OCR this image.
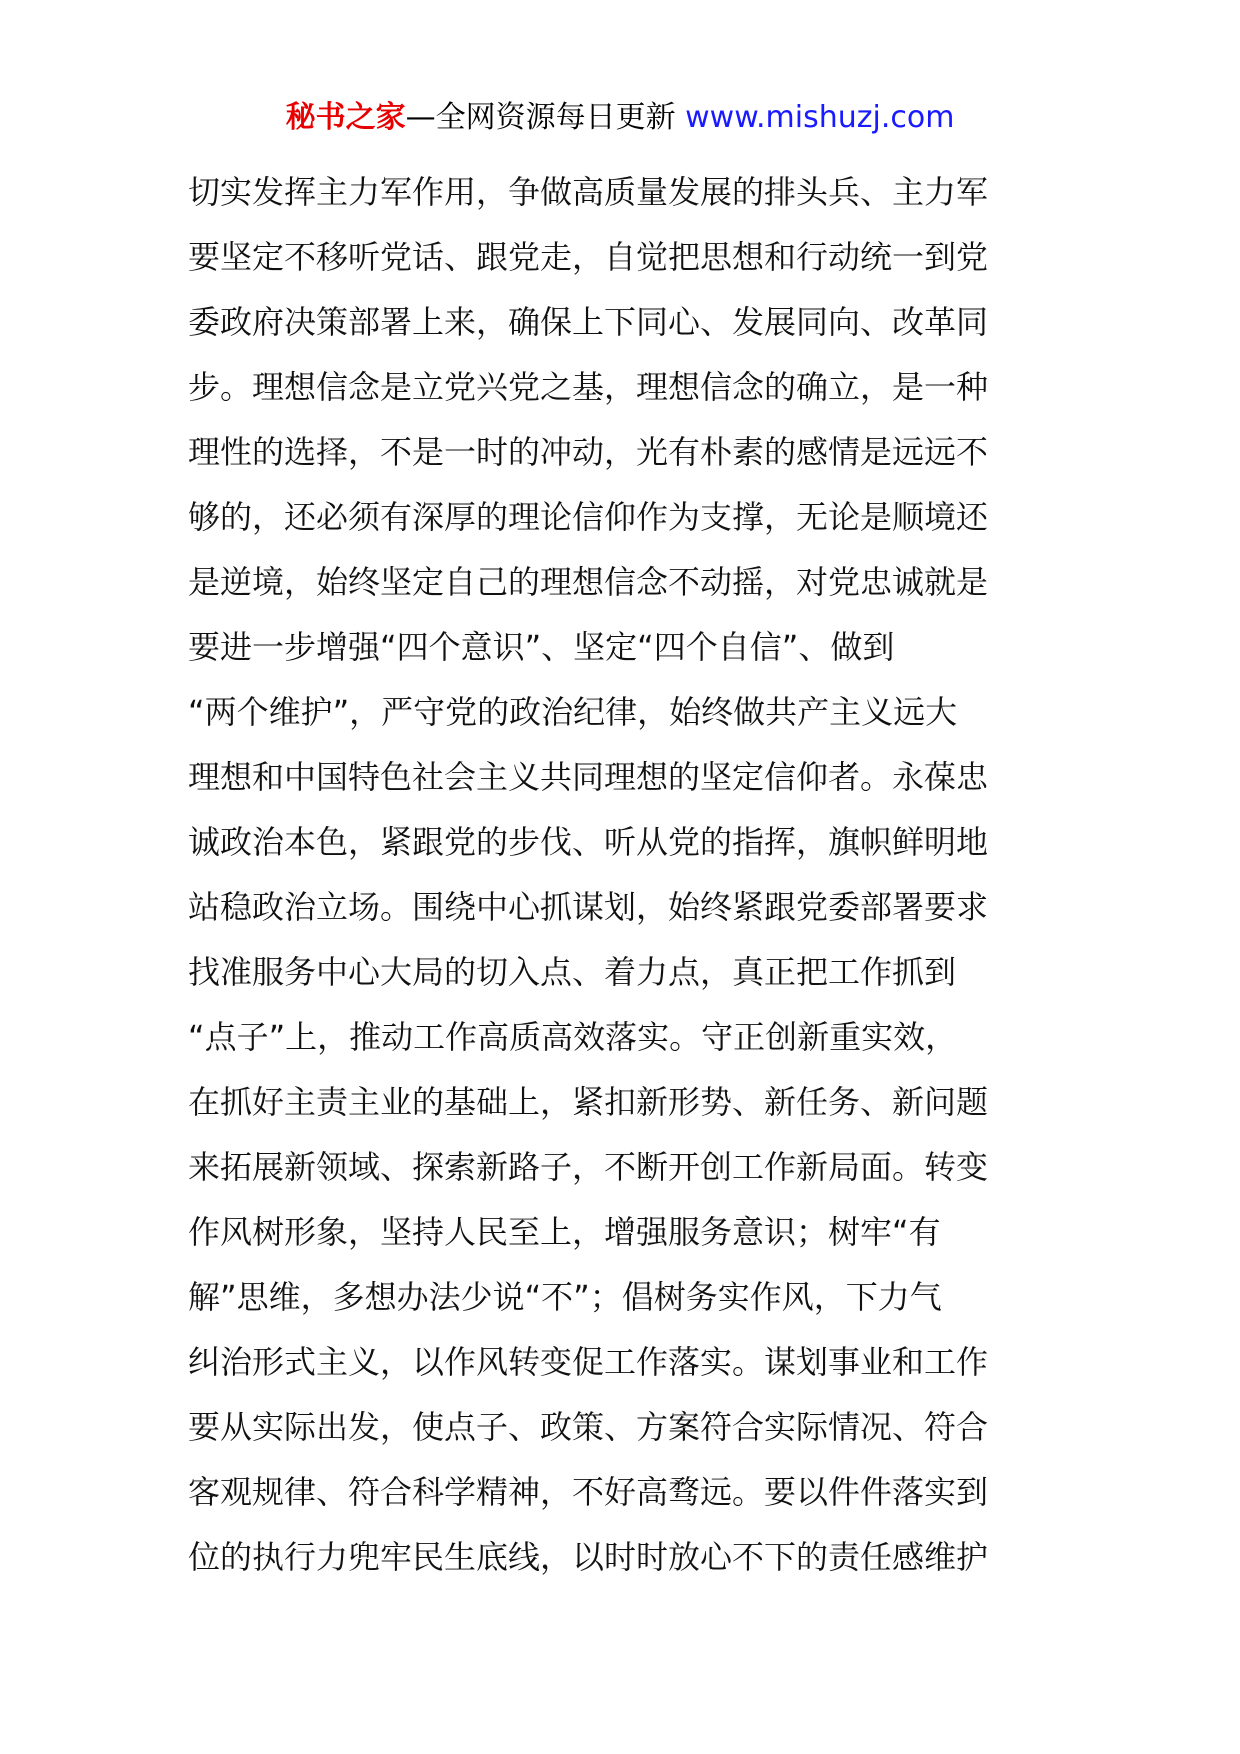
秘书之家—全网资源每日更新 www.mishuzj.com
切实发挥主力军作用，争做高质量发展的排头兵、主力军
要坚定不移听党话、跟党走，自觉把思想和行动统一到党
委政府决策部署上来，确保上下同心、发展同向、改革同
步。理想信念是立党兴党之基，理想信念的确立，是一种
理性的选择，不是一时的冲动，光有朴素的感情是远远不
够的，还必须有深厚的理论信仰作为支撑，无论是顺境还
是逆境，始终坚定自己的理想信念不动摇，对党忠诚就是
要进一步增强“四个意识”、坚定“四个自信”、做到
“两个维护”，严守党的政治纪律，始终做共产主义远大
理想和中国特色社会主义共同理想的坚定信仰者。永葆忠
诚政治本色，紧跟党的步伐、听从党的指挥，旗帜鲜明地
站稳政治立场。围绕中心抓谋划，始终紧跟党委部署要求
找准服务中心大局的切入点、着力点，真正把工作抓到
“点子”上，推动工作高质高效落实。守正创新重实效，
在抓好主责主业的基础上，紧扣新形势、新任务、新问题
来拓展新领域、探索新路子，不断开创工作新局面。转变
作风树形象，坚持人民至上，增强服务意识；树牢“有
解”思维，多想办法少说“不”；倡树务实作风，下力气
纠治形式主义，以作风转变促工作落实。谋划事业和工作
要从实际出发，使点子、政策、方案符合实际情况、符合
客观规律、符合科学精神，不好高骛远。要以件件落实到
位的执行力兜牢民生底线，以时时放心不下的责任感维护
